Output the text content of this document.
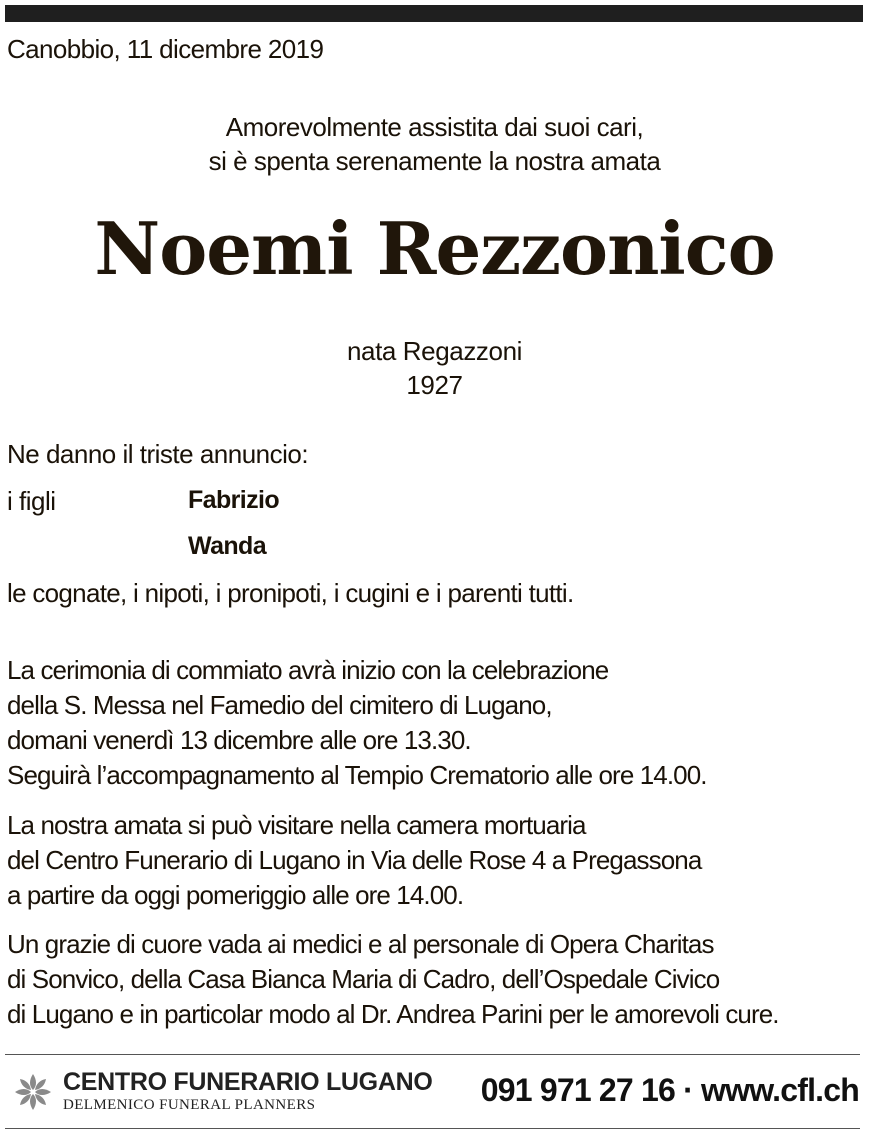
Canobbio, 11 dicembre 2019
Amorevolmente assistita dai suoi cari,
si è spenta serenamente la nostra amata
Noemi Rezzonico
nata Regazzoni
1927
Ne danno il triste annuncio:
i figli	Fabrizio
Wanda
le cognate, i nipoti, i pronipoti, i cugini e i parenti tutti.
La cerimonia di commiato avrà inizio con la celebrazione
della S. Messa nel Famedio del cimitero di Lugano,
domani venerdì 13 dicembre alle ore 13.30.
Seguirà l’accompagnamento al Tempio Crematorio alle ore 14.00.
La nostra amata si può visitare nella camera mortuaria
del Centro Funerario di Lugano in Via delle Rose 4 a Pregassona
a partire da oggi pomeriggio alle ore 14.00.
Un grazie di cuore vada ai medici e al personale di Opera Charitas
di Sonvico, della Casa Bianca Maria di Cadro, dell’Ospedale Civico
di Lugano e in particolar modo al Dr. Andrea Parini per le amorevoli cure.
CENTRO FUNERARIO LUGANO
DELMENICO FUNERAL PLANNERS	091 971 27 16 · www.cfl.ch
